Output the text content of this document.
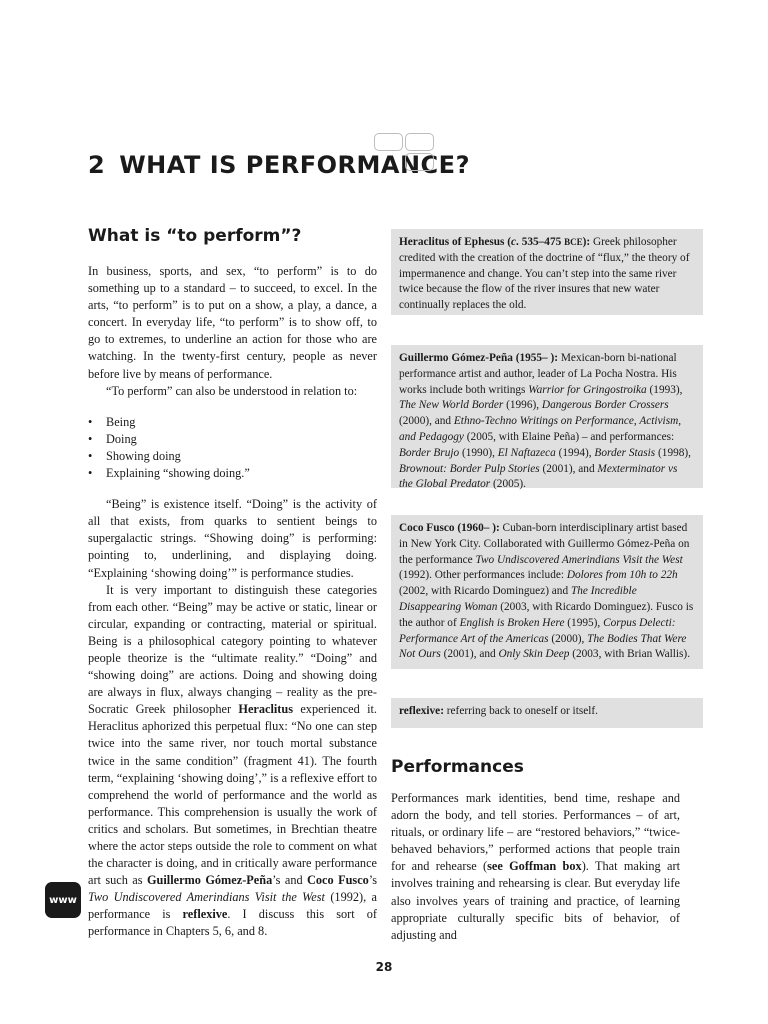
2 WHAT IS PERFORMANCE?
What is “to perform”?

In business, sports, and sex, “to perform” is to do something up to a standard – to succeed, to excel. In the arts, “to perform” is to put on a show, a play, a dance, a concert. In everyday life, “to perform” is to show off, to go to extremes, to underline an action for those who are watching. In the twenty-first century, people as never before live by means of performance.

“To perform” can also be understood in relation to:

• Being
• Doing
• Showing doing
• Explaining “showing doing.”

“Being” is existence itself. “Doing” is the activity of all that exists, from quarks to sentient beings to supergalactic strings. “Showing doing” is performing: pointing to, underlining, and displaying doing. “Explaining ‘showing doing’” is performance studies.

It is very important to distinguish these categories from each other. “Being” may be active or static, linear or circular, expanding or contracting, material or spiritual. Being is a philosophical category pointing to whatever people theorize is the “ultimate reality.” “Doing” and “showing doing” are actions. Doing and showing doing are always in flux, always changing – reality as the pre-Socratic Greek philosopher Heraclitus experienced it. Heraclitus aphorized this perpetual flux: “No one can step twice into the same river, nor touch mortal substance twice in the same condition” (fragment 41). The fourth term, “explaining ‘showing doing’,” is a reflexive effort to comprehend the world of performance and the world as performance. This comprehension is usually the work of critics and scholars. But sometimes, in Brechtian theatre where the actor steps outside the role to comment on what the character is doing, and in critically aware performance art such as Guillermo Gómez-Peña’s and Coco Fusco’s Two Undiscovered Amerindians Visit the West (1992), a performance is reflexive. I discuss this sort of performance in Chapters 5, 6, and 8.

Heraclitus of Ephesus (c. 535–475 BCE): Greek philosopher credited with the creation of the doctrine of “flux,” the theory of impermanence and change. You can’t step into the same river twice because the flow of the river insures that new water continually replaces the old.

Guillermo Gómez-Peña (1955– ): Mexican-born bi-national performance artist and author, leader of La Pocha Nostra. His works include both writings Warrior for Gringostroika (1993), The New World Border (1996), Dangerous Border Crossers (2000), and Ethno-Techno Writings on Performance, Activism, and Pedagogy (2005, with Elaine Peña) – and performances: Border Brujo (1990), El Naftazeca (1994), Border Stasis (1998), Brownout: Border Pulp Stories (2001), and Mexterminator vs the Global Predator (2005).

Coco Fusco (1960– ): Cuban-born interdisciplinary artist based in New York City. Collaborated with Guillermo Gómez-Peña on the performance Two Undiscovered Amerindians Visit the West (1992). Other performances include: Dolores from 10h to 22h (2002, with Ricardo Dominguez) and The Incredible Disappearing Woman (2003, with Ricardo Dominguez). Fusco is the author of English is Broken Here (1995), Corpus Delecti: Performance Art of the Americas (2000), The Bodies That Were Not Ours (2001), and Only Skin Deep (2003, with Brian Wallis).

reflexive: referring back to oneself or itself.

Performances

Performances mark identities, bend time, reshape and adorn the body, and tell stories. Performances – of art, rituals, or ordinary life – are “restored behaviors,” “twice-behaved behaviors,” performed actions that people train for and rehearse (see Goffman box). That making art involves training and rehearsing is clear. But everyday life also involves years of training and practice, of learning appropriate culturally specific bits of behavior, of adjusting and

www
28
